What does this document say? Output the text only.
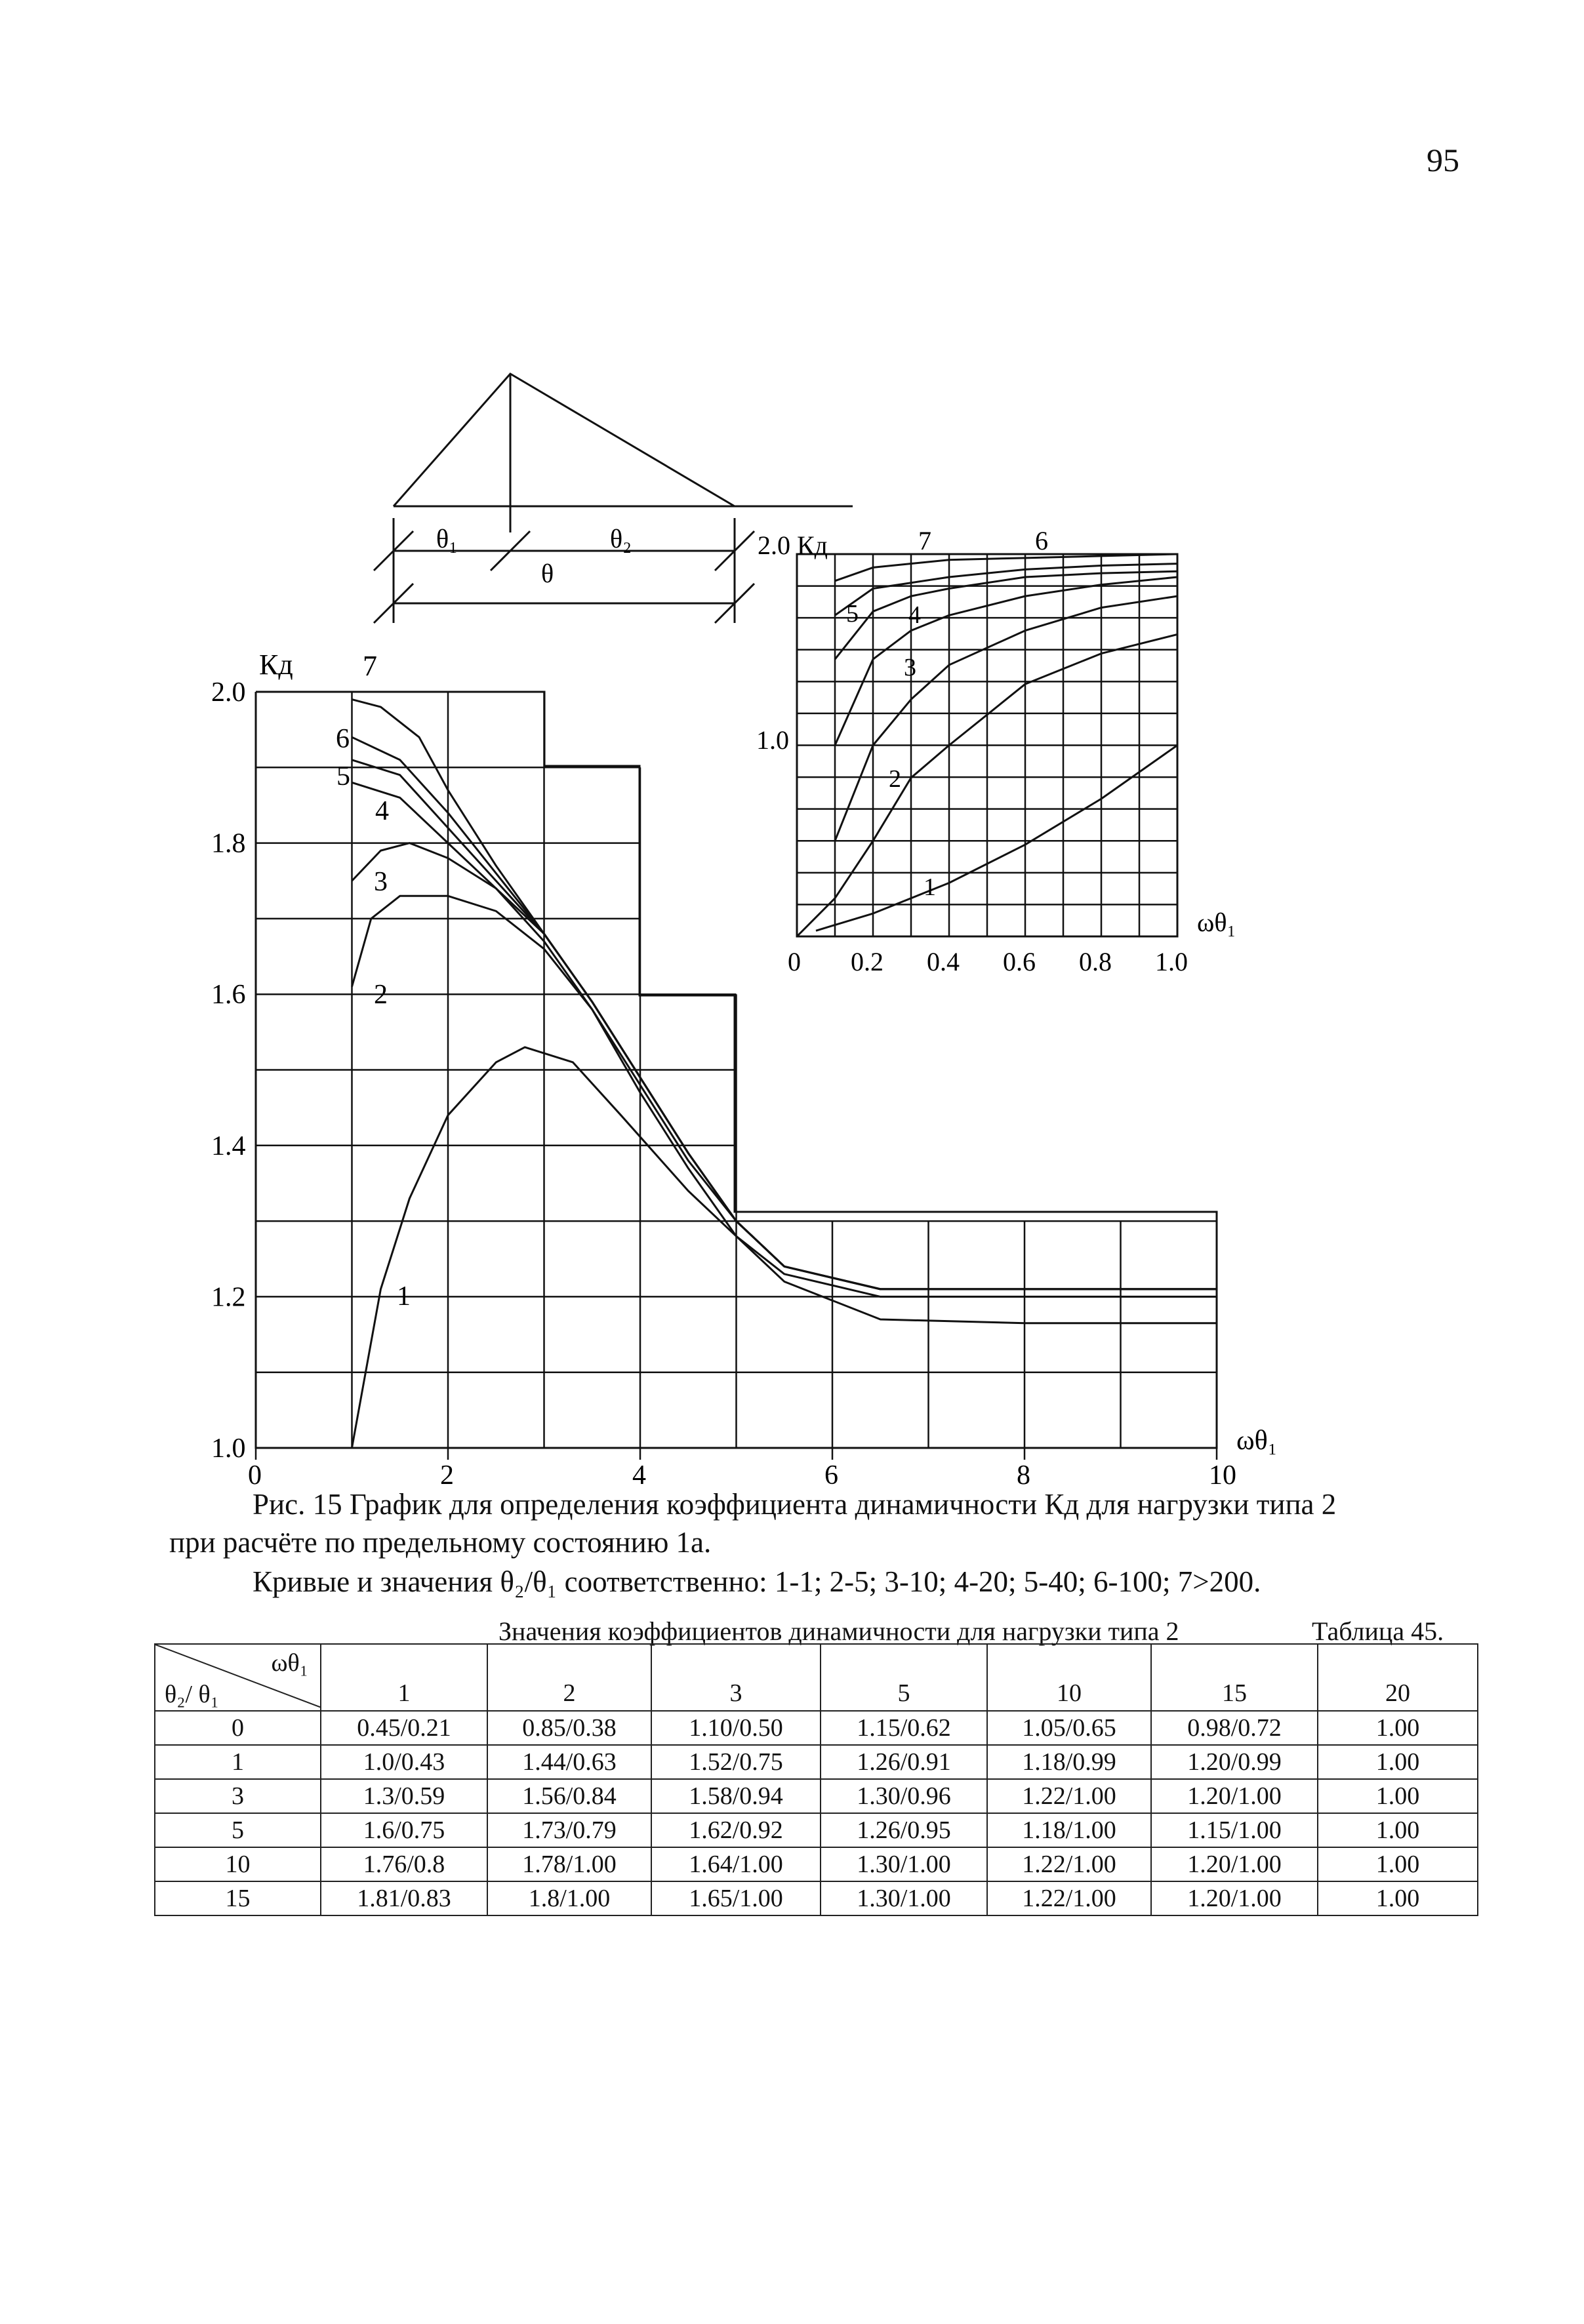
95
θ₁	θ₂
θ
1.0
1.2
1.4
1.6
1.8
2.0
0	2	4	6	8	10
Кд 7
ωθ₁
6
5
4
3
2
1
0 0.2 0.4 0.6 0.8 1.0
2.0 Кд
1.0
ωθ₁
7	6
5 4
3
2
1
Рис. 15 График для определения коэффициента динамичности Кд для нагрузки типа 2
при расчёте по предельному состоянию 1а.
Кривые и значения θ₂/θ₁ соответственно: 1-1; 2-5; 3-10; 4-20; 5-40; 6-100; 7>200.
Значения коэффициентов динамичности для нагрузки типа 2	Таблица 45.
ωθ₁
θ₂/ θ₁	1	2	3	5	10	15	20
0	0.45/0.21	0.85/0.38	1.10/0.50	1.15/0.62	1.05/0.65	0.98/0.72	1.00
1	1.0/0.43	1.44/0.63	1.52/0.75	1.26/0.91	1.18/0.99	1.20/0.99	1.00
3	1.3/0.59	1.56/0.84	1.58/0.94	1.30/0.96	1.22/1.00	1.20/1.00	1.00
5	1.6/0.75	1.73/0.79	1.62/0.92	1.26/0.95	1.18/1.00	1.15/1.00	1.00
10	1.76/0.8	1.78/1.00	1.64/1.00	1.30/1.00	1.22/1.00	1.20/1.00	1.00
15	1.81/0.83	1.8/1.00	1.65/1.00	1.30/1.00	1.22/1.00	1.20/1.00	1.00
